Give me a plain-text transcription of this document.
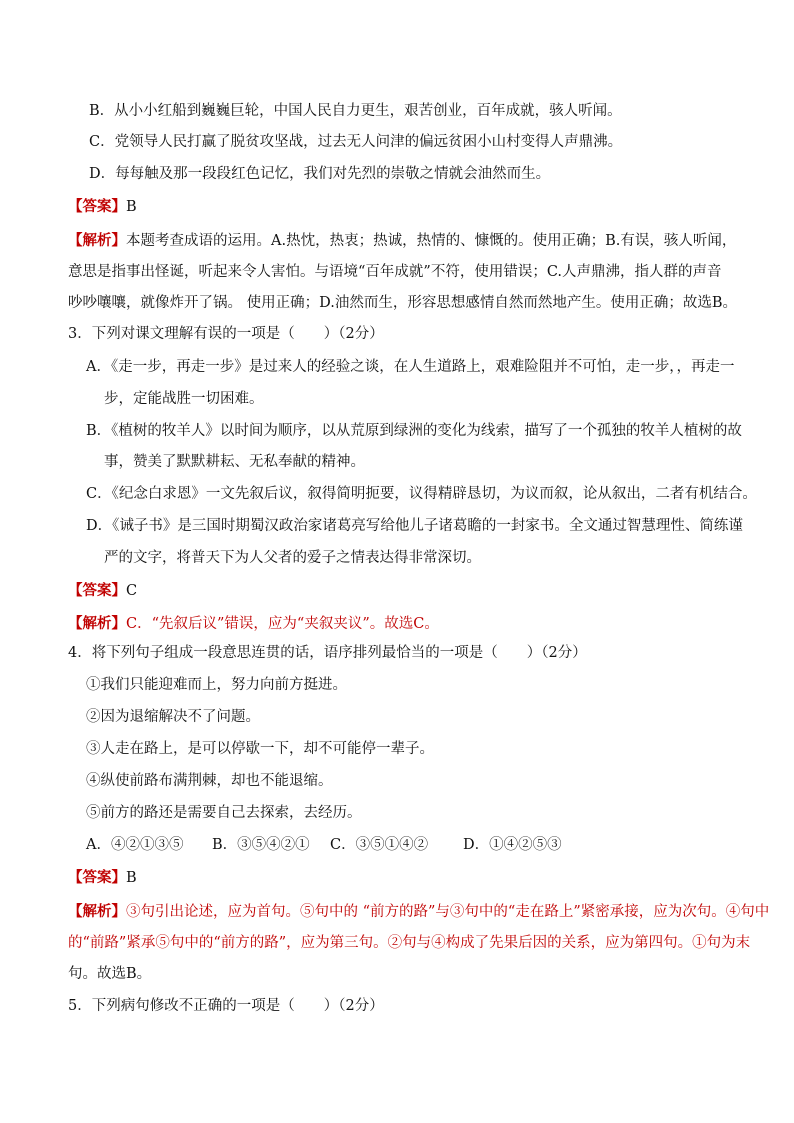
B．从小小红船到巍巍巨轮，中国人民自力更生，艰苦创业，百年成就，骇人听闻。
C．党领导人民打赢了脱贫攻坚战，过去无人问津的偏远贫困小山村变得人声鼎沸。
D．每每触及那一段段红色记忆，我们对先烈的崇敬之情就会油然而生。
【答案】B
【解析】本题考查成语的运用。A.热忱，热衷；热诚，热情的、慷慨的。使用正确；B.有误，骇人听闻，
意思是指事出怪诞，听起来令人害怕。与语境“百年成就”不符，使用错误；C.人声鼎沸，指人群的声音
吵吵嚷嚷，就像炸开了锅。 使用正确；D.油然而生，形容思想感情自然而然地产生。使用正确；故选B。
3．下列对课文理解有误的一项是（　　）（2分）
A．《走一步，再走一步》是过来人的经验之谈，在人生道路上，艰难险阻并不可怕，走一步，，再走一
步，定能战胜一切困难。
B．《植树的牧羊人》以时间为顺序，以从荒原到绿洲的变化为线索，描写了一个孤独的牧羊人植树的故
事，赞美了默默耕耘、无私奉献的精神。
C．《纪念白求恩》一文先叙后议，叙得简明扼要，议得精辟恳切，为议而叙，论从叙出，二者有机结合。
D．《诫子书》是三国时期蜀汉政治家诸葛亮写给他儿子诸葛瞻的一封家书。全文通过智慧理性、简练谨
严的文字，将普天下为人父者的爱子之情表达得非常深切。
【答案】C
【解析】C．“先叙后议”错误，应为“夹叙夹议”。故选C。
4．将下列句子组成一段意思连贯的话，语序排列最恰当的一项是（　　）（2分）
①我们只能迎难而上，努力向前方挺进。
②因为退缩解决不了问题。
③人走在路上，是可以停歇一下，却不可能停一辈子。
④纵使前路布满荆棘，却也不能退缩。
⑤前方的路还是需要自己去探索，去经历。
A．④②①③⑤ B．③⑤④②① C．③⑤①④② D．①④②⑤③
【答案】B
【解析】③句引出论述，应为首句。⑤句中的 “前方的路”与③句中的“走在路上”紧密承接，应为次句。④句中
的“前路”紧承⑤句中的“前方的路”，应为第三句。②句与④构成了先果后因的关系，应为第四句。①句为末
句。故选B。
5．下列病句修改不正确的一项是（　　）（2分）
